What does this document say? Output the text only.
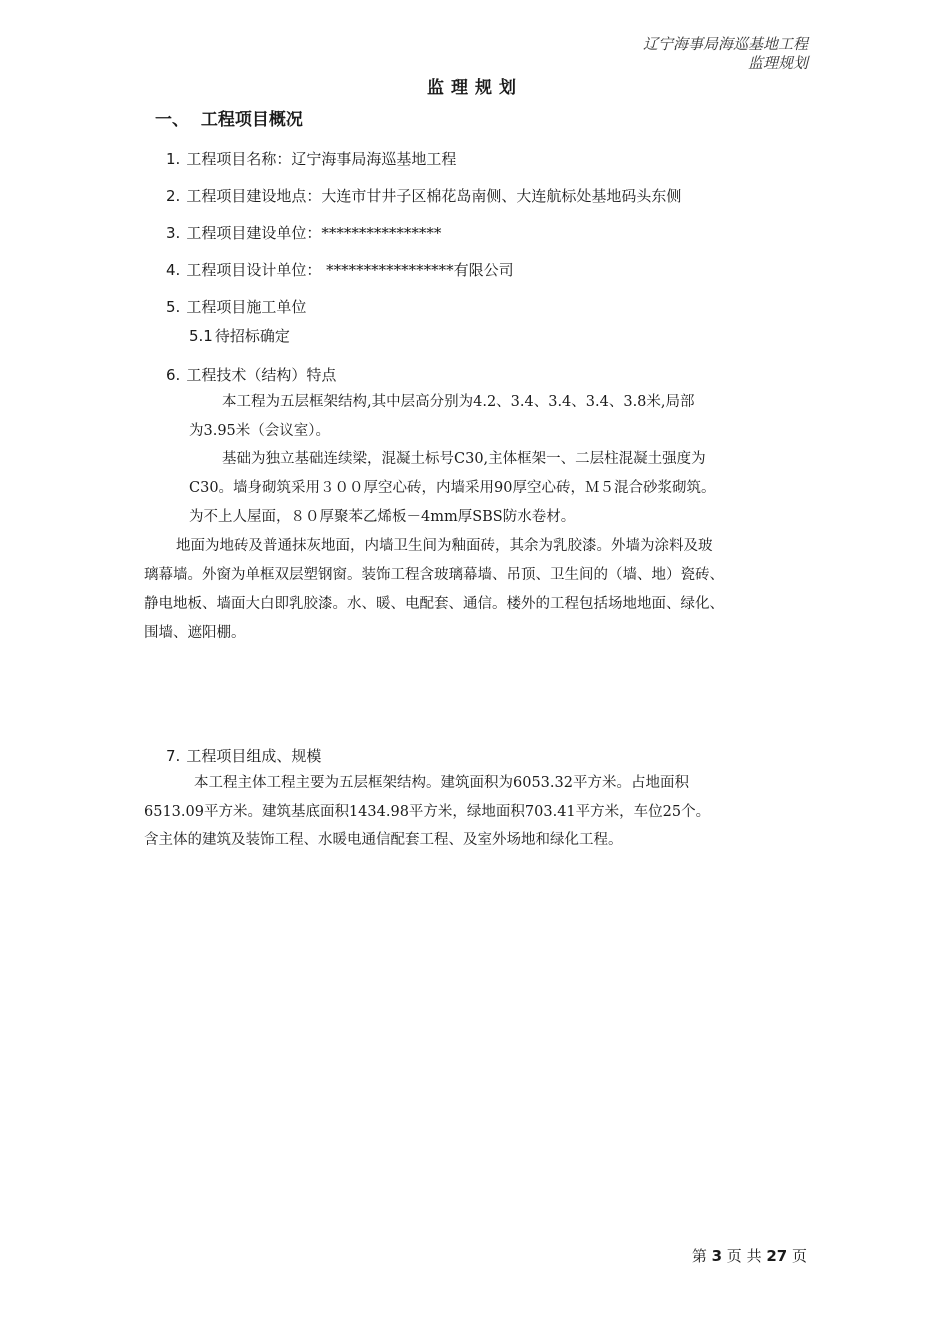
辽宁海事局海巡基地工程
监理规划
监理规划
一、  工程项目概况
1. 工程项目名称：辽宁海事局海巡基地工程
2. 工程项目建设地点：大连市甘井子区棉花岛南侧、大连航标处基地码头东侧
3. 工程项目建设单位：****************
4. 工程项目设计单位： *****************有限公司
5. 工程项目施工单位
5.1 待招标确定
6. 工程技术（结构）特点
本工程为五层框架结构,其中层高分别为4.2、3.4、3.4、3.4、3.8米,局部
为3.95米（会议室）。
基础为独立基础连续梁，混凝土标号C30,主体框架一、二层柱混凝土强度为
C30。墙身砌筑采用３００厚空心砖，内墙采用90厚空心砖，Ｍ５混合砂浆砌筑。
为不上人屋面，８０厚聚苯乙烯板－4mm厚SBS防水卷材。
地面为地砖及普通抹灰地面，内墙卫生间为釉面砖，其余为乳胶漆。外墙为涂料及玻
璃幕墙。外窗为单框双层塑钢窗。装饰工程含玻璃幕墙、吊顶、卫生间的（墙、地）瓷砖、
静电地板、墙面大白即乳胶漆。水、暖、电配套、通信。楼外的工程包括场地地面、绿化、
围墙、遮阳棚。
7. 工程项目组成、规模
本工程主体工程主要为五层框架结构。建筑面积为6053.32平方米。占地面积
6513.09平方米。建筑基底面积1434.98平方米，绿地面积703.41平方米，车位25个。
含主体的建筑及装饰工程、水暖电通信配套工程、及室外场地和绿化工程。
第 3 页 共 27 页
